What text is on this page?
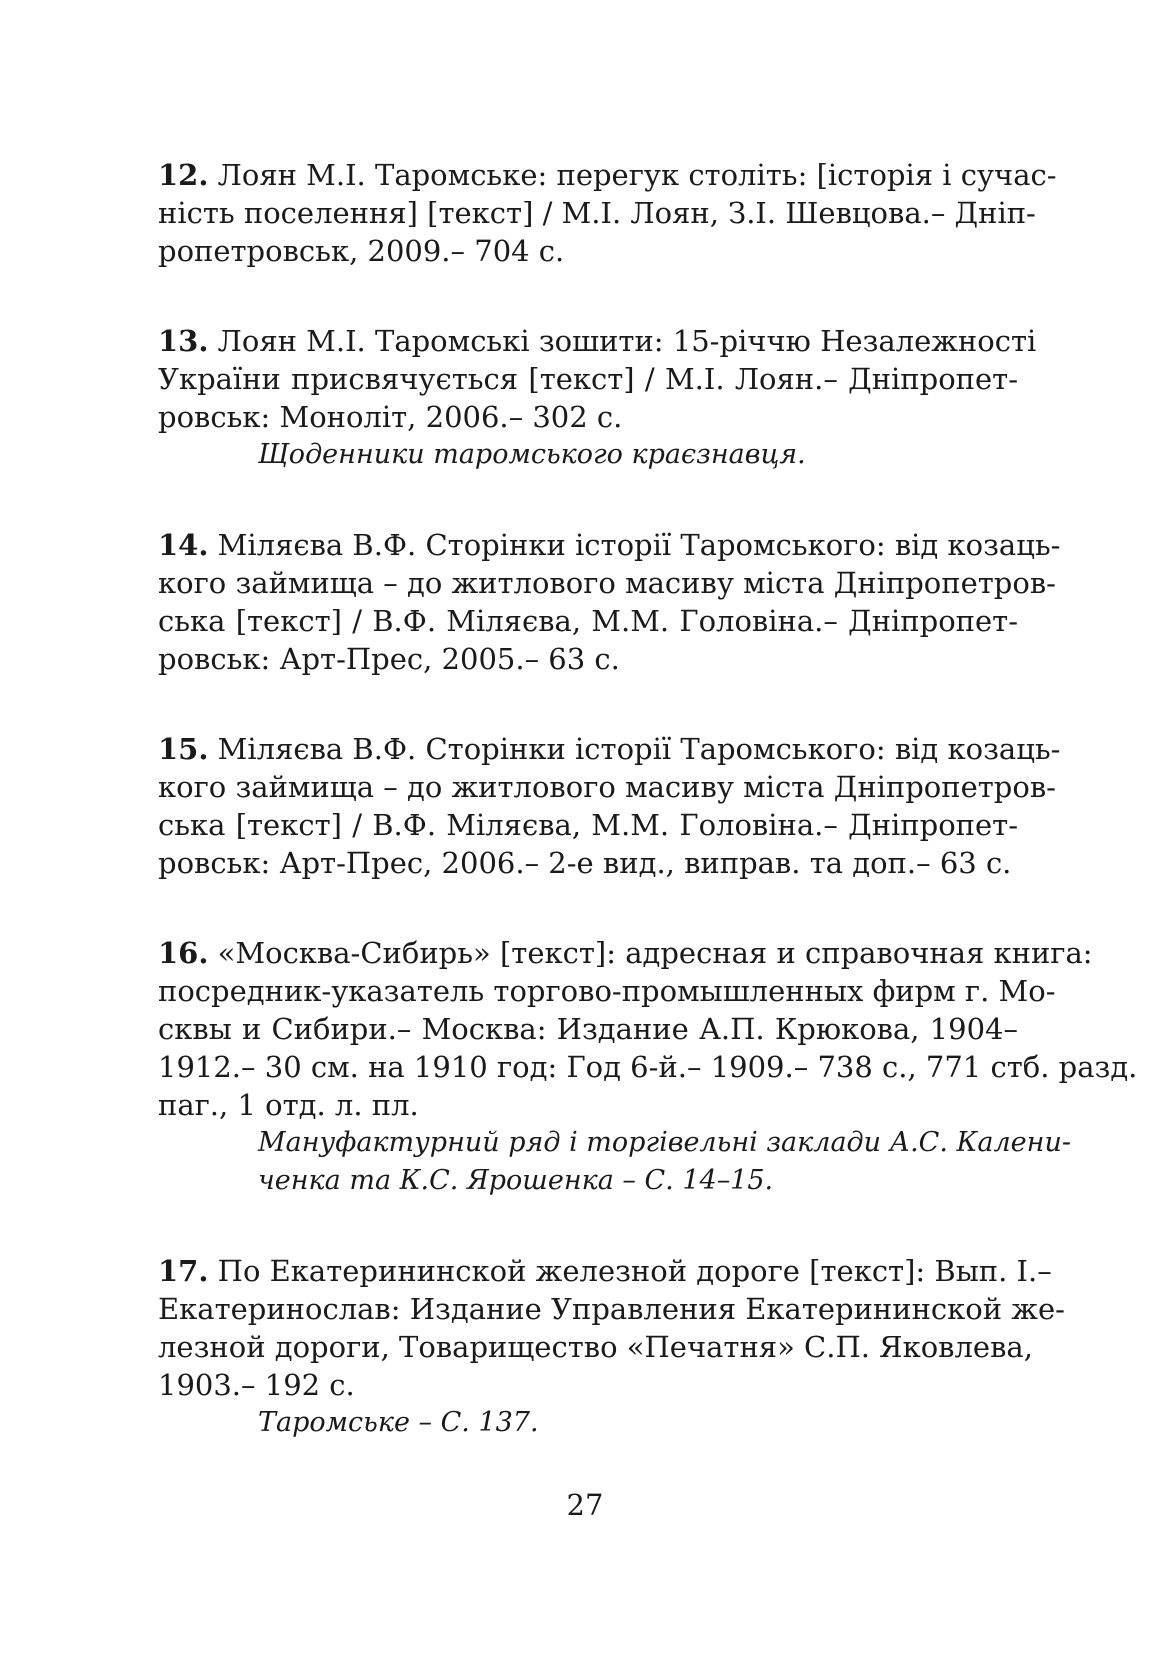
12. Лоян М.І. Таромське: перегук століть: [історія і сучас-
ність поселення] [текст] / М.І. Лоян, З.І. Шевцова.– Дніп-
ропетровськ, 2009.– 704 с.
13. Лоян М.І. Таромські зошити: 15-річчю Незалежності
України присвячується [текст] / М.І. Лоян.– Дніпропет-
ровськ: Моноліт, 2006.– 302 с.
Щоденники таромського краєзнавця.
14. Міляєва В.Ф. Сторінки історії Таромського: від козаць-
кого займища – до житлового масиву міста Дніпропетров-
ська [текст] / В.Ф. Міляєва, М.М. Головіна.– Дніпропет-
ровськ: Арт-Прес, 2005.– 63 с.
15. Міляєва В.Ф. Сторінки історії Таромського: від козаць-
кого займища – до житлового масиву міста Дніпропетров-
ська [текст] / В.Ф. Міляєва, М.М. Головіна.– Дніпропет-
ровськ: Арт-Прес, 2006.– 2-е вид., виправ. та доп.– 63 с.
16. «Москва-Сибирь» [текст]: адресная и справочная книга:
посредник-указатель торгово-промышленных фирм г. Мо-
сквы и Сибири.– Москва: Издание А.П. Крюкова, 1904–
1912.– 30 см. на 1910 год: Год 6-й.– 1909.– 738 с., 771 стб. разд.
паг., 1 отд. л. пл.
Мануфактурний ряд і торгівельні заклади А.С. Калени-
ченка та К.С. Ярошенка – С. 14–15.
17. По Екатерининской железной дороге [текст]: Вып. I.–
Екатеринослав: Издание Управления Екатерининской же-
лезной дороги, Товарищество «Печатня» С.П. Яковлева,
1903.– 192 с.
Таромське – С. 137.
27
